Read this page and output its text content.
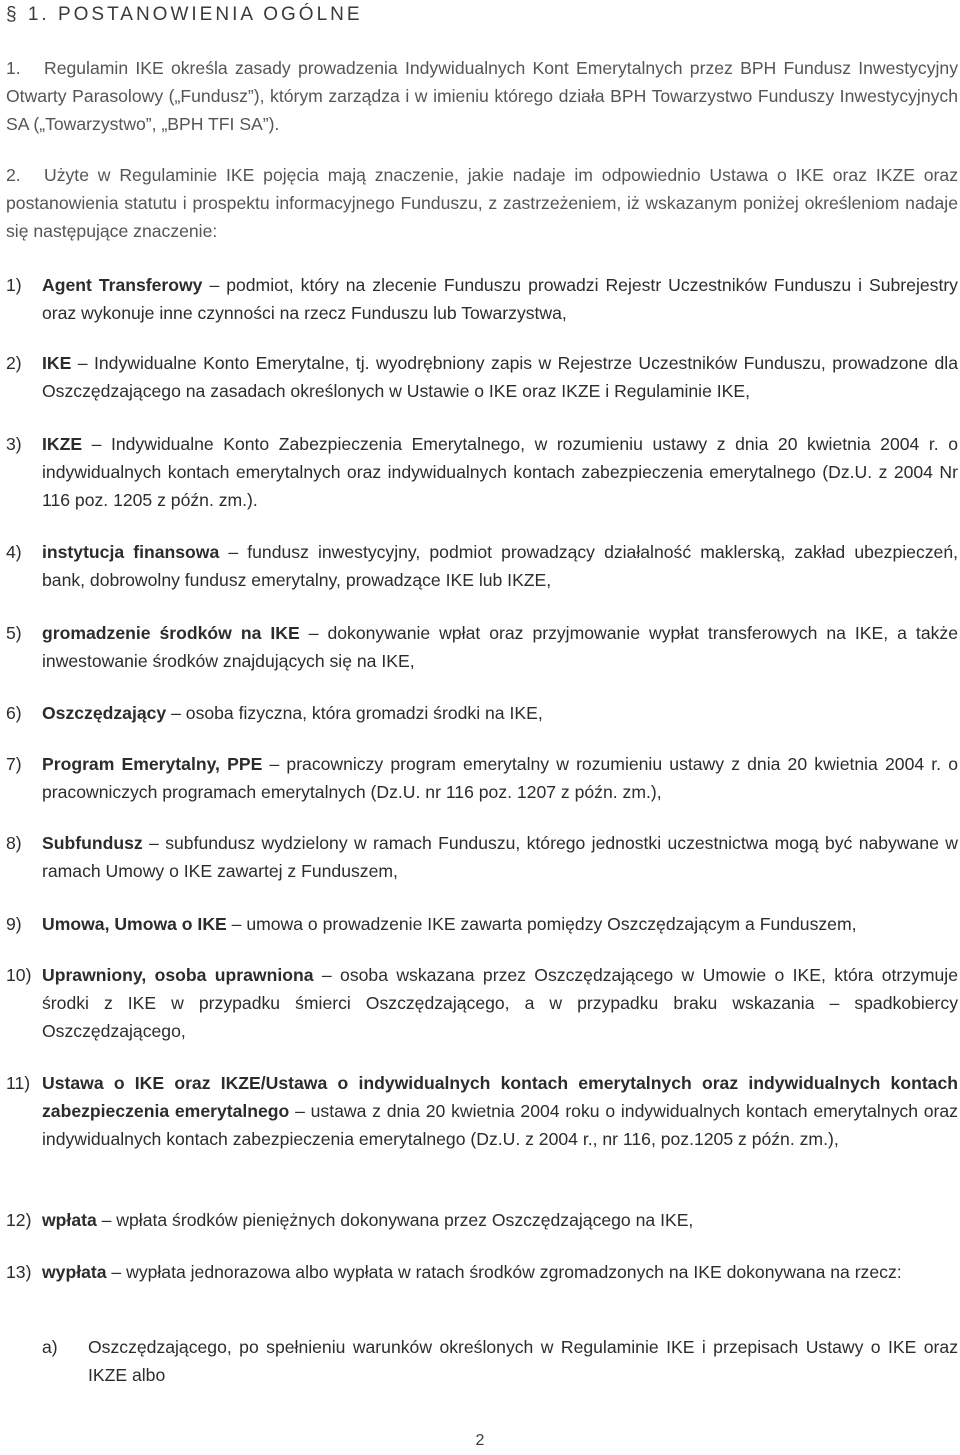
§ 1. POSTANOWIENIA OGÓLNE
1.	Regulamin IKE określa zasady prowadzenia Indywidualnych Kont Emerytalnych przez BPH Fundusz Inwestycyjny Otwarty Parasolowy („Fundusz”), którym zarządza i w imieniu którego działa BPH Towarzystwo Funduszy Inwestycyjnych SA („Towarzystwo”, „BPH TFI SA”).
2.	Użyte w Regulaminie IKE pojęcia mają znaczenie, jakie nadaje im odpowiednio Ustawa o IKE oraz IKZE oraz postanowienia statutu i prospektu informacyjnego Funduszu, z zastrzeżeniem, iż wskazanym poniżej określeniom nadaje się następujące znaczenie:
1) Agent Transferowy – podmiot, który na zlecenie Funduszu prowadzi Rejestr Uczestników Funduszu i Subrejestry oraz wykonuje inne czynności na rzecz Funduszu lub Towarzystwa,
2) IKE – Indywidualne Konto Emerytalne, tj. wyodrębniony zapis w Rejestrze Uczestników Funduszu, prowadzone dla Oszczędzającego na zasadach określonych w Ustawie o IKE oraz IKZE i Regulaminie IKE,
3) IKZE – Indywidualne Konto Zabezpieczenia Emerytalnego, w rozumieniu ustawy z dnia 20 kwietnia 2004 r. o indywidualnych kontach emerytalnych oraz indywidualnych kontach zabezpieczenia emerytalnego (Dz.U. z 2004 Nr 116 poz. 1205 z późn. zm.).
4) instytucja finansowa – fundusz inwestycyjny, podmiot prowadzący działalność maklerską, zakład ubezpieczeń, bank, dobrowolny fundusz emerytalny, prowadzące IKE lub IKZE,
5) gromadzenie środków na IKE – dokonywanie wpłat oraz przyjmowanie wypłat transferowych na IKE, a także inwestowanie środków znajdujących się na IKE,
6) Oszczędzający – osoba fizyczna, która gromadzi środki na IKE,
7) Program Emerytalny, PPE – pracowniczy program emerytalny w rozumieniu ustawy z dnia 20 kwietnia 2004 r. o pracowniczych programach emerytalnych (Dz.U. nr 116 poz. 1207 z późn. zm.),
8) Subfundusz – subfundusz wydzielony w ramach Funduszu, którego jednostki uczestnictwa mogą być nabywane w ramach Umowy o IKE zawartej z Funduszem,
9) Umowa, Umowa o IKE – umowa o prowadzenie IKE zawarta pomiędzy Oszczędzającym a Funduszem,
10) Uprawniony, osoba uprawniona – osoba wskazana przez Oszczędzającego w Umowie o IKE, która otrzymuje środki z IKE w przypadku śmierci Oszczędzającego, a w przypadku braku wskazania – spadkobiercy Oszczędzającego,
11) Ustawa o IKE oraz IKZE/Ustawa o indywidualnych kontach emerytalnych oraz indywidualnych kontach zabezpieczenia emerytalnego – ustawa z dnia 20 kwietnia 2004 roku o indywidualnych kontach emerytalnych oraz indywidualnych kontach zabezpieczenia emerytalnego (Dz.U. z 2004 r., nr 116, poz.1205 z późn. zm.),
12) wpłata – wpłata środków pieniężnych dokonywana przez Oszczędzającego na IKE,
13) wypłata – wypłata jednorazowa albo wypłata w ratach środków zgromadzonych na IKE dokonywana na rzecz:
a) Oszczędzającego, po spełnieniu warunków określonych w Regulaminie IKE i przepisach Ustawy o IKE oraz IKZE albo
2
